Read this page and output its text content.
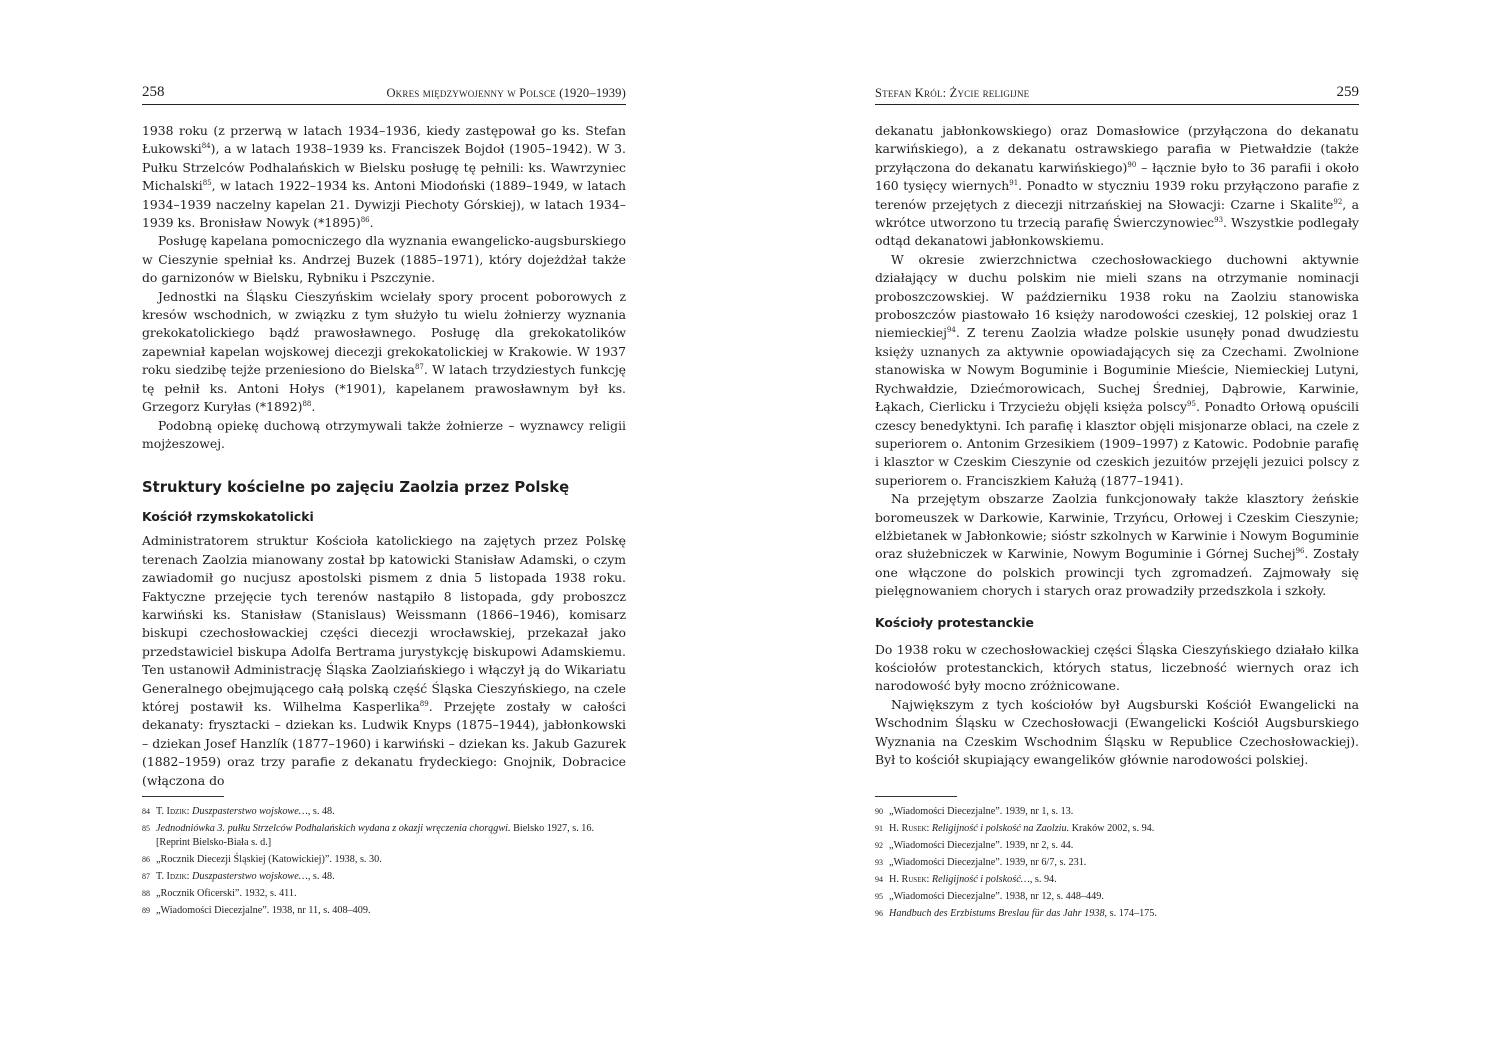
258	Okres międzywojenny w Polsce (1920–1939)

1938 roku (z przerwą w latach 1934–1936, kiedy zastępował go ks. Stefan Łukowski$^{84}$), a w latach 1938–1939 ks. Franciszek Bojdoł (1905–1942). W 3. Pułku Strzelców Podhalańskich w Bielsku posługę tę pełnili: ks. Wawrzyniec Michalski$^{85}$, w latach 1922–1934 ks. Antoni Miodoński (1889–1949, w latach 1934–1939 naczelny kapelan 21. Dywizji Piechoty Górskiej), w latach 1934–1939 ks. Bronisław Nowyk $(*1895)^{86}$.

Posługę kapelana pomocniczego dla wyznania ewangelicko-augsburskiego w Cieszynie spełniał ks. Andrzej Buzek (1885–1971), który dojeżdżał także do garnizonów w Bielsku, Rybniku i Pszczynie.

Jednostki na Śląsku Cieszyńskim wcielały spory procent poborowych z kresów wschodnich, w związku z tym służyło tu wielu żołnierzy wyznania grekokatolickiego bądź prawosławnego. Posługę dla grekokatolików zapewniał kapelan wojskowej diecezji grekokatolickiej w Krakowie. W 1937 roku siedzibę tejże przeniesiono do Bielska$^{87}$. W latach trzydziestych funkcję tę pełnił ks. Antoni Hołys (*1901), kapelanem prawosławnym był ks. Grzegorz Kuryłas $(*1892)^{88}$.

Podobną opiekę duchową otrzymywali także żołnierze – wyznawcy religii mojżeszowej.

Struktury kościelne po zajęciu Zaolzia przez Polskę
Kościół rzymskokatolicki

Administratorem struktur Kościoła katolickiego na zajętych przez Polskę terenach Zaolzia mianowany został bp katowicki Stanisław Adamski, o czym zawiadomił go nucjusz apostolski pismem z dnia 5 listopada 1938 roku. Faktyczne przejęcie tych terenów nastąpiło 8 listopada, gdy proboszcz karwiński ks. Stanisław (Stanislaus) Weissmann (1866–1946), komisarz biskupi czechosłowackiej części diecezji wrocławskiej, przekazał jako przedstawiciel biskupa Adolfa Bertrama jurystykcję biskupowi Adamskiemu. Ten ustanowił Administrację Śląska Zaolziańskiego i włączył ją do Wikariatu Generalnego obejmującego całą polską część Śląska Cieszyńskiego, na czele której postawił ks. Wilhelma Kasperlika$^{89}$. Przejęte zostały w całości dekanaty: frysztacki – dziekan ks. Ludwik Knyps (1875–1944), jabłonkowski – dziekan Josef Hanzlík (1877–1960) i karwiński – dziekan ks. Jakub Gazurek (1882–1959) oraz trzy parafie z dekanatu frydeckiego: Gnojnik, Dobracice (włączona do

84 T. Idzik: Duszpasterstwo wojskowe…, s. 48.
85 Jednodniówka 3. pułku Strzelców Podhalańskich wydana z okazji wręczenia chorągwi. Bielsko 1927, s. 16. [Reprint Bielsko-Biała s. d.]
86 „Rocznik Diecezji Śląskiej (Katowickiej)”. 1938, s. 30.
87 T. Idzik: Duszpasterstwo wojskowe…, s. 48.
88 „Rocznik Oficerski”. 1932, s. 411.
89 „Wiadomości Diecezjalne”. 1938, nr 11, s. 408–409.
Stefan Król: Życie religijne	259

dekanatu jabłonkowskiego) oraz Domasłowice (przyłączona do dekanatu karwińskiego), a z dekanatu ostrawskiego parafia w Pietwałdzie (także przyłączona do dekanatu karwińskiego)$^{90}$ – łącznie było to 36 parafii i około 160 tysięcy wiernych$^{91}$. Ponadto w styczniu 1939 roku przyłączono parafie z terenów przejętych z diecezji nitrzańskiej na Słowacji: Czarne i Skalite$^{92}$, a wkrótce utworzono tu trzecią parafię Świerczynowiec$^{93}$. Wszystkie podlegały odtąd dekanatowi jabłonkowskiemu.

W okresie zwierzchnictwa czechosłowackiego duchowni aktywnie działający w duchu polskim nie mieli szans na otrzymanie nominacji proboszczowskiej. W październiku 1938 roku na Zaolziu stanowiska proboszczów piastowało 16 księży narodowości czeskiej, 12 polskiej oraz 1 niemieckiej$^{94}$. Z terenu Zaolzia władze polskie usunęły ponad dwudziestu księży uznanych za aktywnie opowiadających się za Czechami. Zwolnione stanowiska w Nowym Boguminie i Boguminie Mieście, Niemieckiej Lutyni, Rychwałdzie, Dziećmorowicach, Suchej Średniej, Dąbrowie, Karwinie, Łąkach, Cierlicku i Trzycieżu objęli księża polscy$^{95}$. Ponadto Orłową opuścili czescy benedyktyni. Ich parafię i klasztor objęli misjonarze oblaci, na czele z superiorem o. Antonim Grzesikiem (1909–1997) z Katowic. Podobnie parafię i klasztor w Czeskim Cieszynie od czeskich jezuitów przejęli jezuici polscy z superiorem o. Franciszkiem Kałużą (1877–1941).

Na przejętym obszarze Zaolzia funkcjonowały także klasztory żeńskie boromeuszek w Darkowie, Karwinie, Trzyńcu, Orłowej i Czeskim Cieszynie; elżbietanek w Jabłonkowie; sióstr szkolnych w Karwinie i Nowym Boguminie oraz służebniczek w Karwinie, Nowym Boguminie i Górnej Suchej$^{96}$. Zostały one włączone do polskich prowincji tych zgromadzeń. Zajmowały się pielęgnowaniem chorych i starych oraz prowadziły przedszkola i szkoły.

Kościoły protestanckie

Do 1938 roku w czechosłowackiej części Śląska Cieszyńskiego działało kilka kościołów protestanckich, których status, liczebność wiernych oraz ich narodowość były mocno zróżnicowane.

Największym z tych kościołów był Augsburski Kościół Ewangelicki na Wschodnim Śląsku w Czechosłowacji (Ewangelicki Kościół Augsburskiego Wyznania na Czeskim Wschodnim Śląsku w Republice Czechosłowackiej). Był to kościół skupiający ewangelików głównie narodowości polskiej.

90 „Wiadomości Diecezjalne”. 1939, nr 1, s. 13.
91 H. Rusek: Religijność i polskość na Zaolziu. Kraków 2002, s. 94.
92 „Wiadomości Diecezjalne”. 1939, nr 2, s. 44.
93 „Wiadomości Diecezjalne”. 1939, nr 6/7, s. 231.
94 H. Rusek: Religijność i polskość…, s. 94.
95 „Wiadomości Diecezjalne”. 1938, nr 12, s. 448–449.
96 Handbuch des Erzbistums Breslau für das Jahr 1938, s. 174–175.
